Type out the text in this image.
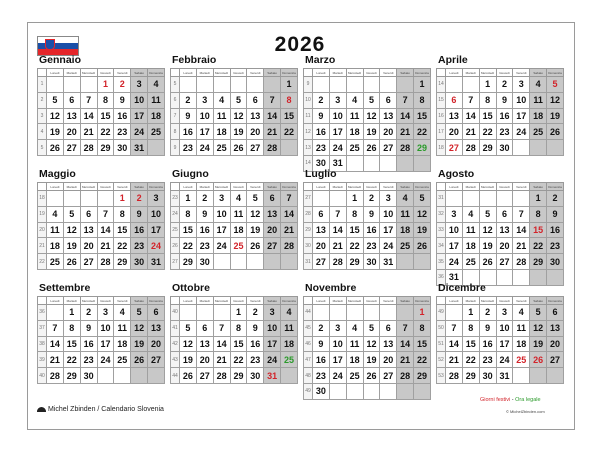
2026
Gennaio
	Lunedì	Martedì	Mercoledì	Giovedì	Venerdì	Sabato	Domenica
1				1	2	3	4
2	5	6	7	8	9	10	11
3	12	13	14	15	16	17	18
4	19	20	21	22	23	24	25
5	26	27	28	29	30	31	
Febbraio
	Lunedì	Martedì	Mercoledì	Giovedì	Venerdì	Sabato	Domenica
5							1
6	2	3	4	5	6	7	8
7	9	10	11	12	13	14	15
8	16	17	18	19	20	21	22
9	23	24	25	26	27	28	
Marzo
	Lunedì	Martedì	Mercoledì	Giovedì	Venerdì	Sabato	Domenica
9							1
10	2	3	4	5	6	7	8
11	9	10	11	12	13	14	15
12	16	17	18	19	20	21	22
13	23	24	25	26	27	28	29
14	30	31					
Aprile
	Lunedì	Martedì	Mercoledì	Giovedì	Venerdì	Sabato	Domenica
14			1	2	3	4	5
15	6	7	8	9	10	11	12
16	13	14	15	16	17	18	19
17	20	21	22	23	24	25	26
18	27	28	29	30			
Maggio
	Lunedì	Martedì	Mercoledì	Giovedì	Venerdì	Sabato	Domenica
18					1	2	3
19	4	5	6	7	8	9	10
20	11	12	13	14	15	16	17
21	18	19	20	21	22	23	24
22	25	26	27	28	29	30	31
Giugno
	Lunedì	Martedì	Mercoledì	Giovedì	Venerdì	Sabato	Domenica
23	1	2	3	4	5	6	7
24	8	9	10	11	12	13	14
25	15	16	17	18	19	20	21
26	22	23	24	25	26	27	28
27	29	30					
Luglio
	Lunedì	Martedì	Mercoledì	Giovedì	Venerdì	Sabato	Domenica
27			1	2	3	4	5
28	6	7	8	9	10	11	12
29	13	14	15	16	17	18	19
30	20	21	22	23	24	25	26
31	27	28	29	30	31		
Agosto
	Lunedì	Martedì	Mercoledì	Giovedì	Venerdì	Sabato	Domenica
31						1	2
32	3	4	5	6	7	8	9
33	10	11	12	13	14	15	16
34	17	18	19	20	21	22	23
35	24	25	26	27	28	29	30
36	31						
Settembre
	Lunedì	Martedì	Mercoledì	Giovedì	Venerdì	Sabato	Domenica
36		1	2	3	4	5	6
37	7	8	9	10	11	12	13
38	14	15	16	17	18	19	20
39	21	22	23	24	25	26	27
40	28	29	30				
Ottobre
	Lunedì	Martedì	Mercoledì	Giovedì	Venerdì	Sabato	Domenica
40				1	2	3	4
41	5	6	7	8	9	10	11
42	12	13	14	15	16	17	18
43	19	20	21	22	23	24	25
44	26	27	28	29	30	31	
Novembre
	Lunedì	Martedì	Mercoledì	Giovedì	Venerdì	Sabato	Domenica
44							1
45	2	3	4	5	6	7	8
46	9	10	11	12	13	14	15
47	16	17	18	19	20	21	22
48	23	24	25	26	27	28	29
49	30						
Dicembre
	Lunedì	Martedì	Mercoledì	Giovedì	Venerdì	Sabato	Domenica
49		1	2	3	4	5	6
50	7	8	9	10	11	12	13
51	14	15	16	17	18	19	20
52	21	22	23	24	25	26	27
53	28	29	30	31			
Giorni festivi - Ora legale
Michel Zbinden / Calendario Slovenia	© MichelZbinden.com
